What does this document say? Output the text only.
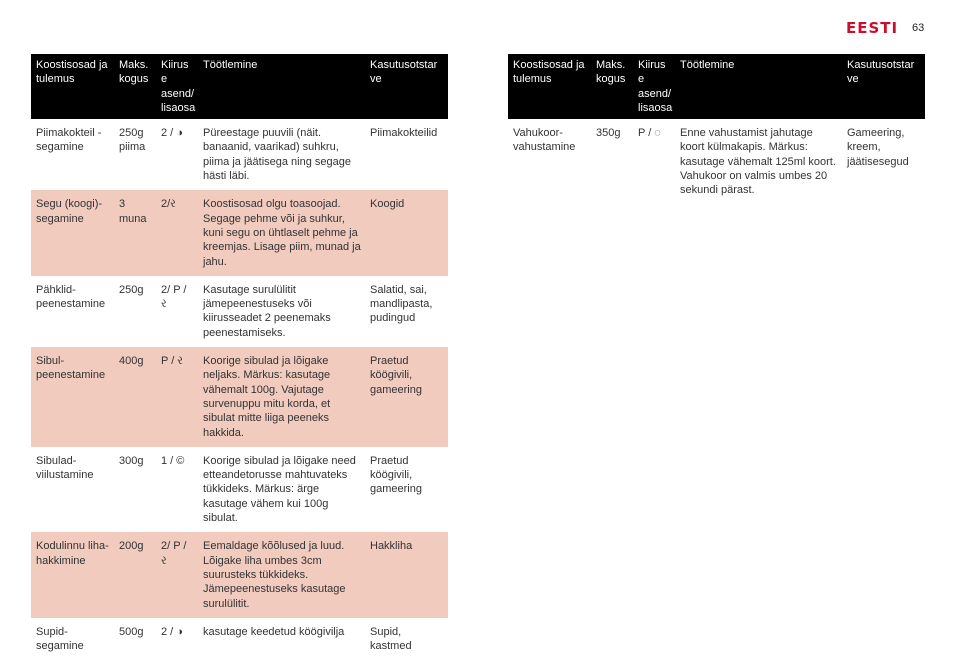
EESTI 63
Koostisosad ja tulemus	Maks. kogus	Kiirus e asend/ lisaosa	Töötlemine	Kasutusotstar ve
Piimakokteil - segamine	250g piima	2 / ◑	Püreestage puuvili (näit. banaanid, vaarikad) suhkru, piima ja jäätisega ning segage hästi läbi.	Piimakokteilid
Segu (koogi)- segamine	3 muna	2/ર	Koostisosad olgu toasoojad. Segage pehme või ja suhkur, kuni segu on ühtlaselt pehme ja kreemjas. Lisage piim, munad ja jahu.	Koogid
Pähklid- peenestamine	250g	2/ P / ર	Kasutage surulülitit jämepeenestuseks või kiirusseadet 2 peenemaks peenestamiseks.	Salatid, sai, mandlipasta, pudingud
Sibul- peenestamine	400g	P / ર	Koorige sibulad ja lõigake neljaks. Märkus: kasutage vähemalt 100g. Vajutage survenuppu mitu korda, et sibulat mitte liiga peeneks hakkida.	Praetud köögivili, gameering
Sibulad- viilustamine	300g	1 / ©	Koorige sibulad ja lõigake need etteandetorusse mahtuvateks tükkideks. Märkus: ärge kasutage vähem kui 100g sibulat.	Praetud köögivili, gameering
Kodulinnu liha- hakkimine	200g	2/ P / ર	Eemaldage kõõlused ja luud. Lõigake liha umbes 3cm suurusteks tükkideks. Jämepeenestuseks kasutage surulülitit.	Hakkliha
Supid- segamine	500g	2 / ◑	kasutage keedetud köögivilja	Supid, kastmed
Koostisosad ja tulemus	Maks. kogus	Kiirus e asend/ lisaosa	Töötlemine	Kasutusotstar ve
Vahukoor- vahustamine	350g	P / ◌	Enne vahustamist jahutage koort külmakapis. Märkus: kasutage vähemalt 125ml koort. Vahukoor on valmis umbes 20 sekundi pärast.	Gameering, kreem, jäätisesegud
